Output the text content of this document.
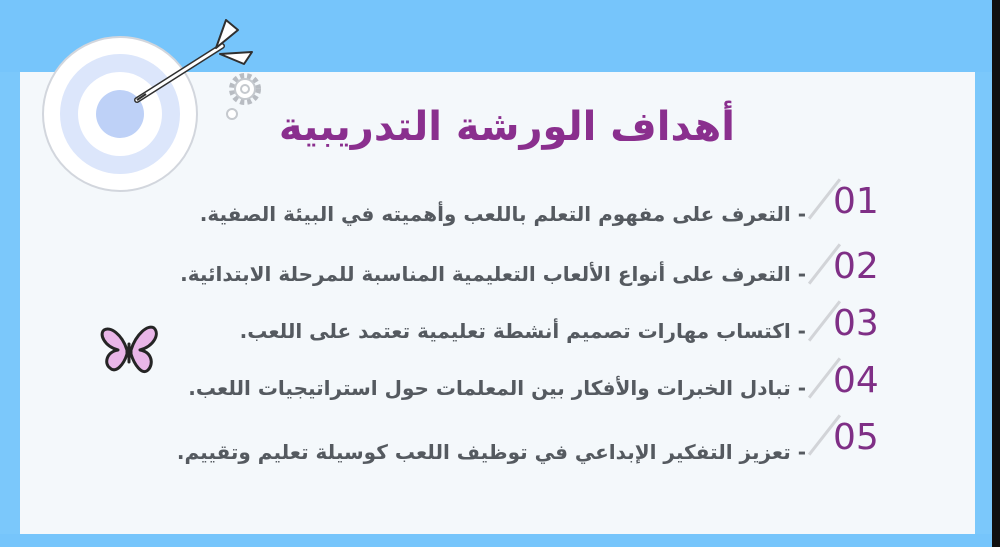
أهداف الورشة التدريبية
01
- التعرف على مفهوم التعلم باللعب وأهميته في البيئة الصفية.
02
- التعرف على أنواع الألعاب التعليمية المناسبة للمرحلة الابتدائية.
03
- اكتساب مهارات تصميم أنشطة تعليمية تعتمد على اللعب.
04
- تبادل الخبرات والأفكار بين المعلمات حول استراتيجيات اللعب.
05
- تعزيز التفكير الإبداعي في توظيف اللعب كوسيلة تعليم وتقييم.
